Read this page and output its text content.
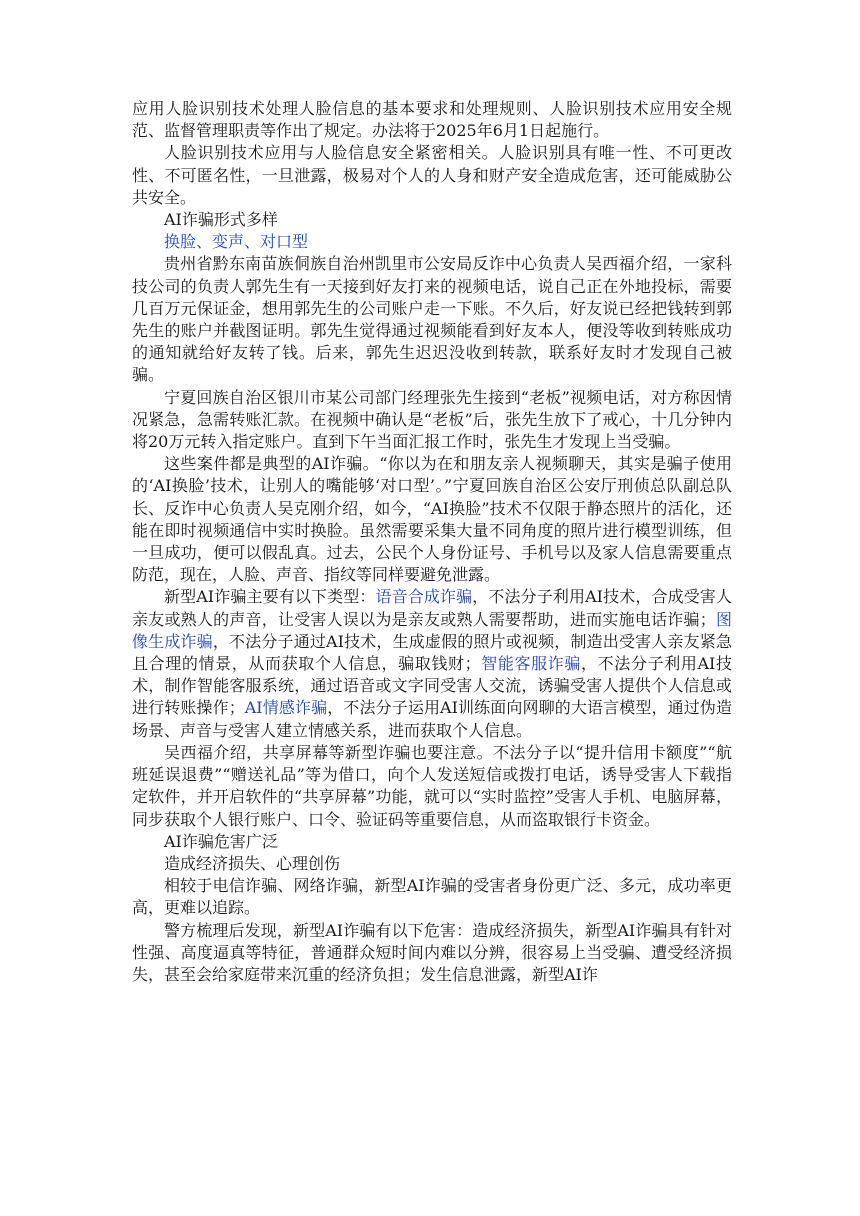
应用人脸识别技术处理人脸信息的基本要求和处理规则、人脸识别技术应用安全规范、监督管理职责等作出了规定。办法将于2025年6月1日起施行。

人脸识别技术应用与人脸信息安全紧密相关。人脸识别具有唯一性、不可更改性、不可匿名性，一旦泄露，极易对个人的人身和财产安全造成危害，还可能威胁公共安全。

AI诈骗形式多样

换脸、变声、对口型

贵州省黔东南苗族侗族自治州凯里市公安局反诈中心负责人吴西福介绍，一家科技公司的负责人郭先生有一天接到好友打来的视频电话，说自己正在外地投标，需要几百万元保证金，想用郭先生的公司账户走一下账。不久后，好友说已经把钱转到郭先生的账户并截图证明。郭先生觉得通过视频能看到好友本人，便没等收到转账成功的通知就给好友转了钱。后来，郭先生迟迟没收到转款，联系好友时才发现自己被骗。

宁夏回族自治区银川市某公司部门经理张先生接到“老板”视频电话，对方称因情况紧急，急需转账汇款。在视频中确认是“老板”后，张先生放下了戒心，十几分钟内将20万元转入指定账户。直到下午当面汇报工作时，张先生才发现上当受骗。

这些案件都是典型的AI诈骗。“你以为在和朋友亲人视频聊天，其实是骗子使用的‘AI换脸’技术，让别人的嘴能够‘对口型’。”宁夏回族自治区公安厅刑侦总队副总队长、反诈中心负责人吴克刚介绍，如今，“AI换脸”技术不仅限于静态照片的活化，还能在即时视频通信中实时换脸。虽然需要采集大量不同角度的照片进行模型训练，但一旦成功，便可以假乱真。过去，公民个人身份证号、手机号以及家人信息需要重点防范，现在，人脸、声音、指纹等同样要避免泄露。

新型AI诈骗主要有以下类型：语音合成诈骗，不法分子利用AI技术，合成受害人亲友或熟人的声音，让受害人误以为是亲友或熟人需要帮助，进而实施电话诈骗；图像生成诈骗，不法分子通过AI技术，生成虚假的照片或视频，制造出受害人亲友紧急且合理的情景，从而获取个人信息，骗取钱财；智能客服诈骗，不法分子利用AI技术，制作智能客服系统，通过语音或文字同受害人交流，诱骗受害人提供个人信息或进行转账操作；AI情感诈骗，不法分子运用AI训练面向网聊的大语言模型，通过伪造场景、声音与受害人建立情感关系，进而获取个人信息。

吴西福介绍，共享屏幕等新型诈骗也要注意。不法分子以“提升信用卡额度”“航班延误退费”“赠送礼品”等为借口，向个人发送短信或拨打电话，诱导受害人下载指定软件，并开启软件的“共享屏幕”功能，就可以“实时监控”受害人手机、电脑屏幕，同步获取个人银行账户、口令、验证码等重要信息，从而盗取银行卡资金。

AI诈骗危害广泛

造成经济损失、心理创伤

相较于电信诈骗、网络诈骗，新型AI诈骗的受害者身份更广泛、多元，成功率更高，更难以追踪。

警方梳理后发现，新型AI诈骗有以下危害：造成经济损失，新型AI诈骗具有针对性强、高度逼真等特征，普通群众短时间内难以分辨，很容易上当受骗、遭受经济损失，甚至会给家庭带来沉重的经济负担；发生信息泄露，新型AI诈
